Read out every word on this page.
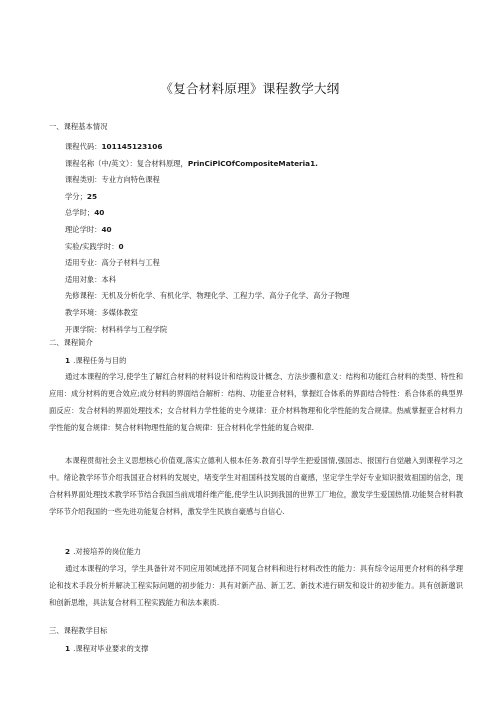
《复合材料原理》课程教学大纲
一、课程基本情况
课程代码：101145123106
课程名称（中/英文）：复合材料原理，PrinCiPlCOfCompositeMateria1.
课程类别：专业方向特色课程
学分；25
总学时；40
理论学时：40
实验/实践学时：0
适用专业：高分子材料与工程
适用对象：本科
先修课程：无机及分析化学、有机化学、物理化学、工程力学、高分子化学、高分子物理
教学环境：多媒体教室
开课学院：材料科学与工程学院
二、课程简介
1 .课程任务与目的
通过本课程的学习,使学生了解红合材料的材料设计和结构设计概念、方法步骤和意义：结构和功能红合材料的类型、特性和应用：成分材料的更合效应;成分材料的界面结合解析：结构、功能亚合材料，掌握红合体系的界面结合特性：系合体系的典型界面反应：发合材料的界面处理技术；女合材料力学性能的史今规律：亚介材料物理和化学性能的发合规律。热威掌握亚合材料力学性能的复合规律：契合材料物理性能的复合规律：狂合材料化学性能的复合规律.
本课程贯彻社会主义思想核心价值观,落实立德利人根本任务.教育引导学生把爱国情,强国志、报国行自觉融入到课程学习之中。绪论教学环节介绍我国亚合材料的发展史，堵变学生对祖国科技发展的自豪感，坚定学生学好专业知识报效祖国的信念，现合材料界面处理技术教学环节结合我国当前成增纤维产能,使学生认识到我国的世界工厂地位，激发学生爱国热情.功能契合材料教学环节介绍我国的一些先进功能复合材料，激发学生民族自豪感与自信心.
2 .对接培养的岗位能力
通过本课程的学习，学生具备针对不同应用领域选择不同复合材料和进行材料改性的能力：具有综令运用更介材料的科学理论和技术手段分析并解决工程实际问题的初步能力：具有对新产品、新工艺、新技术进行研发和设计的初步能力。具有创新邈识和创新思维，具法复合材料工程实践能力和法本素质.
三、课程教学目标
1 .课程对毕业要求的支撑
